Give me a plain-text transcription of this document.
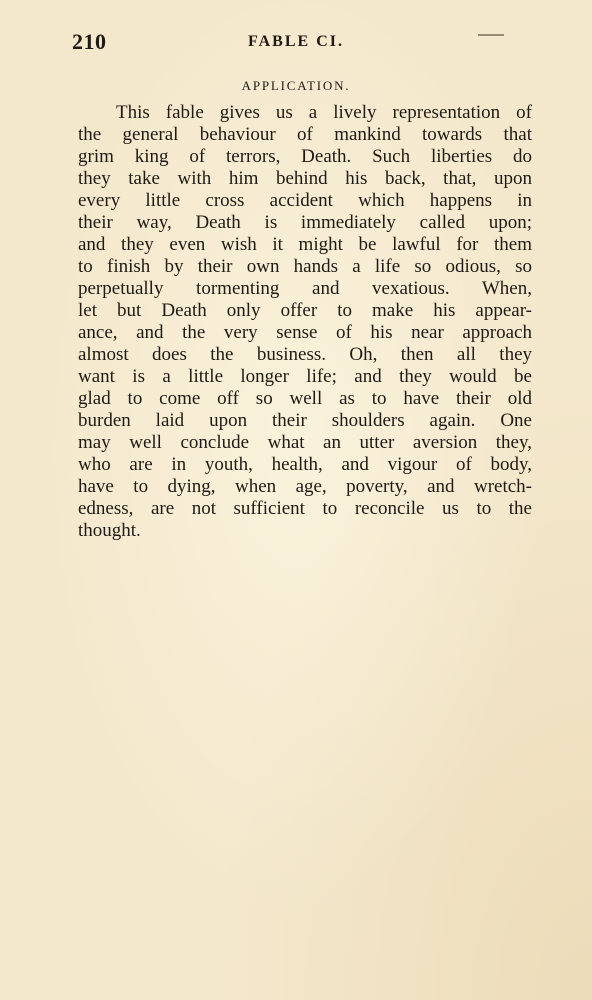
210	FABLE CI.
APPLICATION.
This fable gives us a lively representation of
the general behaviour of mankind towards that
grim king of terrors, Death. Such liberties do
they take with him behind his back, that, upon
every little cross accident which happens in
their way, Death is immediately called upon;
and they even wish it might be lawful for them
to finish by their own hands a life so odious, so
perpetually tormenting and vexatious. When,
let but Death only offer to make his appear-
ance, and the very sense of his near approach
almost does the business. Oh, then all they
want is a little longer life; and they would be
glad to come off so well as to have their old
burden laid upon their shoulders again. One
may well conclude what an utter aversion they,
who are in youth, health, and vigour of body,
have to dying, when age, poverty, and wretch-
edness, are not sufficient to reconcile us to the
thought.
